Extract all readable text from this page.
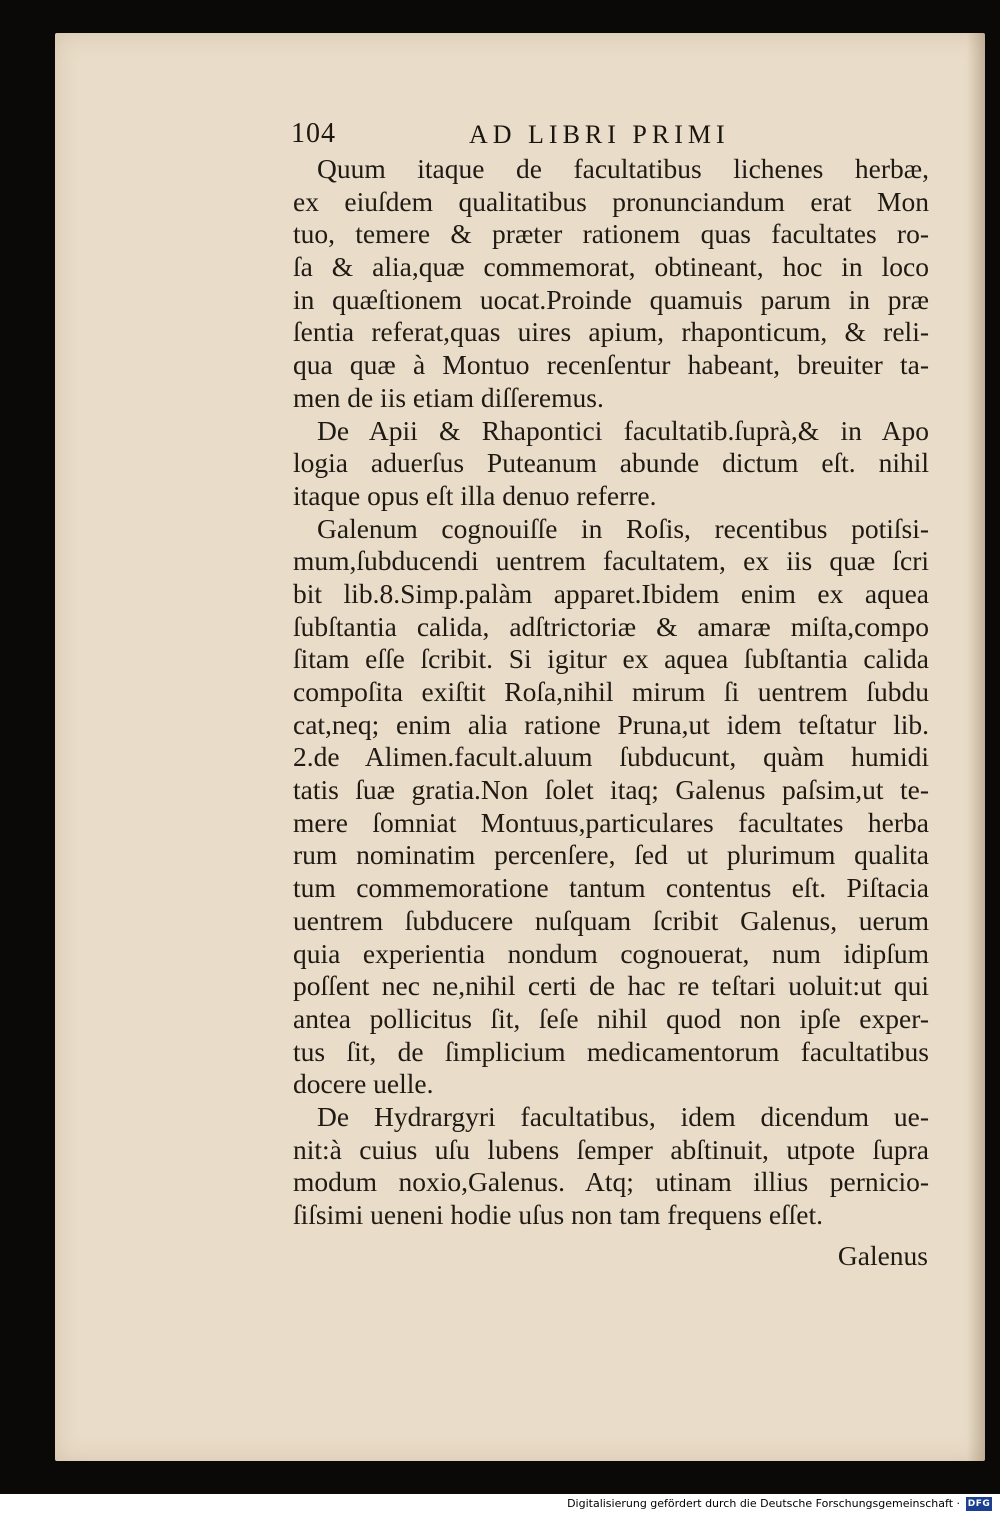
104	AD LIBRI PRIMI
Quum itaque de facultatibus lichenes herbæ,
ex eiuſdem qualitatibus pronunciandum erat Mon
tuo, temere & præter rationem quas facultates ro-
ſa & alia,quæ commemorat, obtineant, hoc in loco
in quæſtionem uocat.Proinde quamuis parum in præ
ſentia referat,quas uires apium, rhaponticum, & reli-
qua quæ à Montuo recenſentur habeant, breuiter ta-
men de iis etiam diſſeremus.
De Apii & Rhapontici facultatib.ſuprà,& in Apo
logia aduerſus Puteanum abunde dictum eſt. nihil
itaque opus eſt illa denuo referre.
Galenum cognouiſſe in Roſis, recentibus potiſsi-
mum,ſubducendi uentrem facultatem, ex iis quæ ſcri
bit lib.8.Simp.palàm apparet.Ibidem enim ex aquea
ſubſtantia calida, adſtrictoriæ & amaræ miſta,compo
ſitam eſſe ſcribit. Si igitur ex aquea ſubſtantia calida
compoſita exiſtit Roſa,nihil mirum ſi uentrem ſubdu
cat,neq; enim alia ratione Pruna,ut idem teſtatur lib.
2.de Alimen.facult.aluum ſubducunt, quàm humidi
tatis ſuæ gratia.Non ſolet itaq; Galenus paſsim,ut te-
mere ſomniat Montuus,particulares facultates herba
rum nominatim percenſere, ſed ut plurimum qualita
tum commemoratione tantum contentus eſt. Piſtacia
uentrem ſubducere nuſquam ſcribit Galenus, uerum
quia experientia nondum cognouerat, num idipſum
poſſent nec ne,nihil certi de hac re teſtari uoluit:ut qui
antea pollicitus ſit, ſeſe nihil quod non ipſe exper-
tus ſit, de ſimplicium medicamentorum facultatibus
docere uelle.
De Hydrargyri facultatibus, idem dicendum ue-
nit:à cuius uſu lubens ſemper abſtinuit, utpote ſupra
modum noxio,Galenus. Atq; utinam illius pernicio-
ſiſsimi ueneni hodie uſus non tam frequens eſſet.
Galenus
Digitalisierung gefördert durch die Deutsche Forschungsgemeinschaft · DFG
